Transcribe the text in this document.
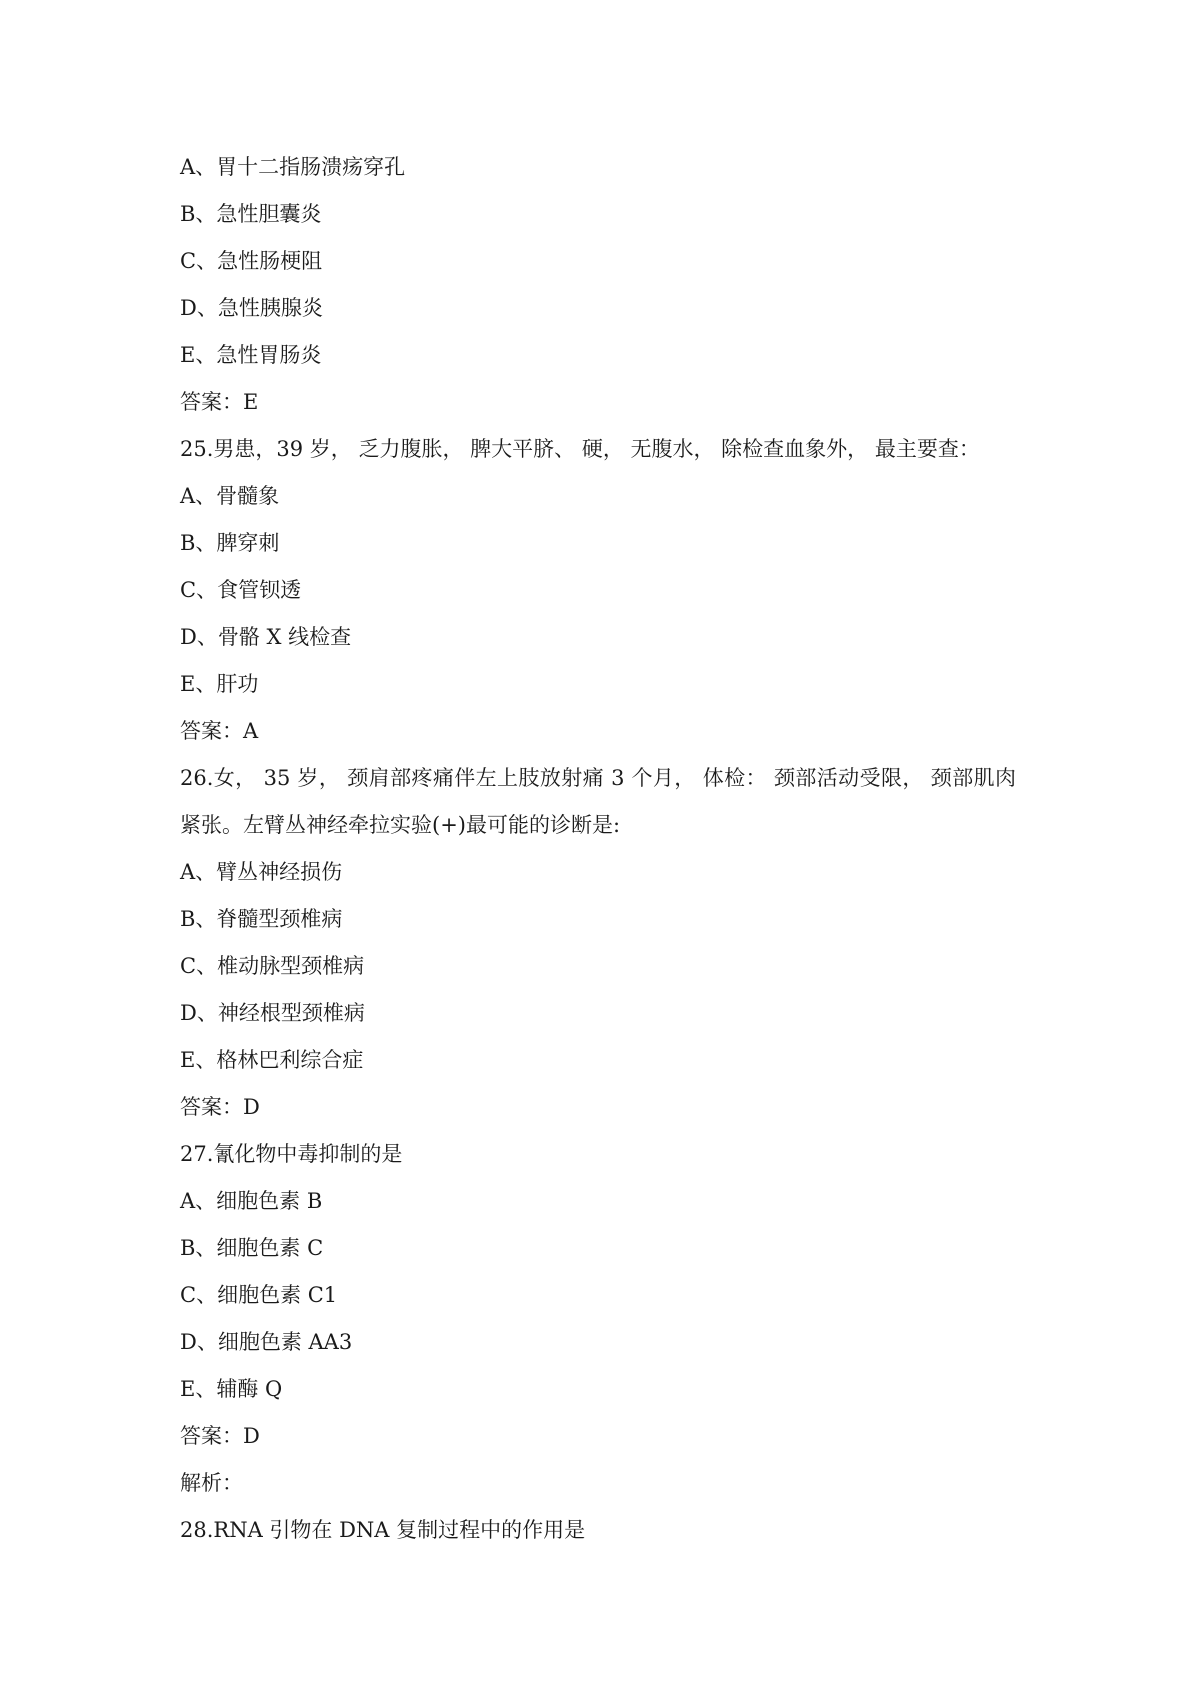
A、胃十二指肠溃疡穿孔
B、急性胆囊炎
C、急性肠梗阻
D、急性胰腺炎
E、急性胃肠炎
答案：E
25.男患，39 岁， 乏力腹胀， 脾大平脐、 硬， 无腹水， 除检查血象外， 最主要查：
A、骨髓象
B、脾穿刺
C、食管钡透
D、骨骼 X 线检查
E、肝功
答案：A
26.女， 35 岁， 颈肩部疼痛伴左上肢放射痛 3 个月， 体检： 颈部活动受限， 颈部肌肉紧张。左臂丛神经牵拉实验(+)最可能的诊断是:
A、臂丛神经损伤
B、脊髓型颈椎病
C、椎动脉型颈椎病
D、神经根型颈椎病
E、格林巴利综合症
答案：D
27.氰化物中毒抑制的是
A、细胞色素 B
B、细胞色素 C
C、细胞色素 C1
D、细胞色素 AA3
E、辅酶 Q
答案：D
解析：
28.RNA 引物在 DNA 复制过程中的作用是
